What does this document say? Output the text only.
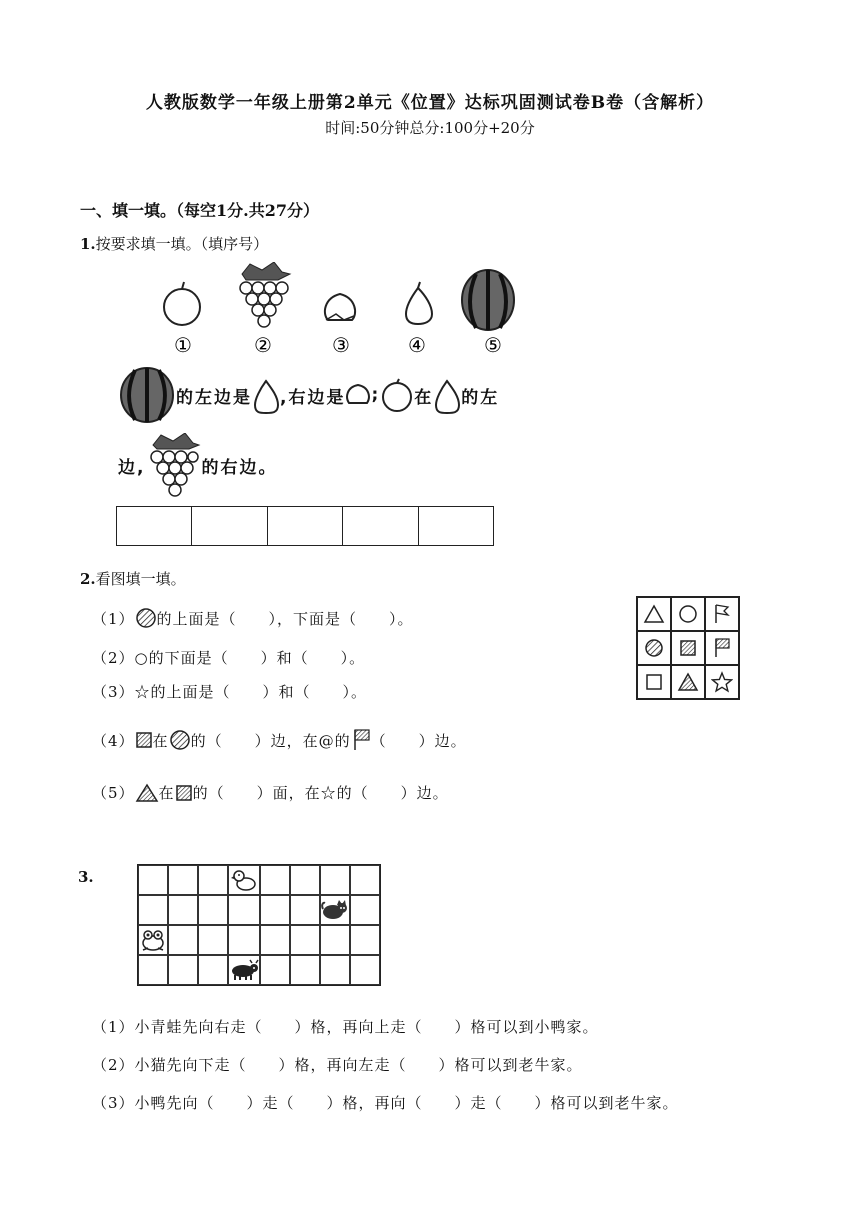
人教版数学一年级上册第2单元《位置》达标巩固测试卷B卷（含解析）
时间:50分钟总分:100分+20分
一、填一填。（每空1分.共27分）
1.按要求填一填。（填序号）
①	②	③	④	⑤
的左边是 ,右边是 ; 在 的左
边,	的右边。
2.看图填一填。
（1） 的上面是（　　），下面是（　　）。
（2）○的下面是（　　）和（　　）。
（3）☆的上面是（　　）和（　　）。
（4） 在 的（　　）边，在@的 （　　）边。
（5） 在 的（　　）面，在☆的（　　）边。
3.
（1）小青蛙先向右走（　　）格，再向上走（　　）格可以到小鸭家。
（2）小猫先向下走（　　）格，再向左走（　　）格可以到老牛家。
（3）小鸭先向（　　）走（　　）格，再向（　　）走（　　）格可以到老牛家。
